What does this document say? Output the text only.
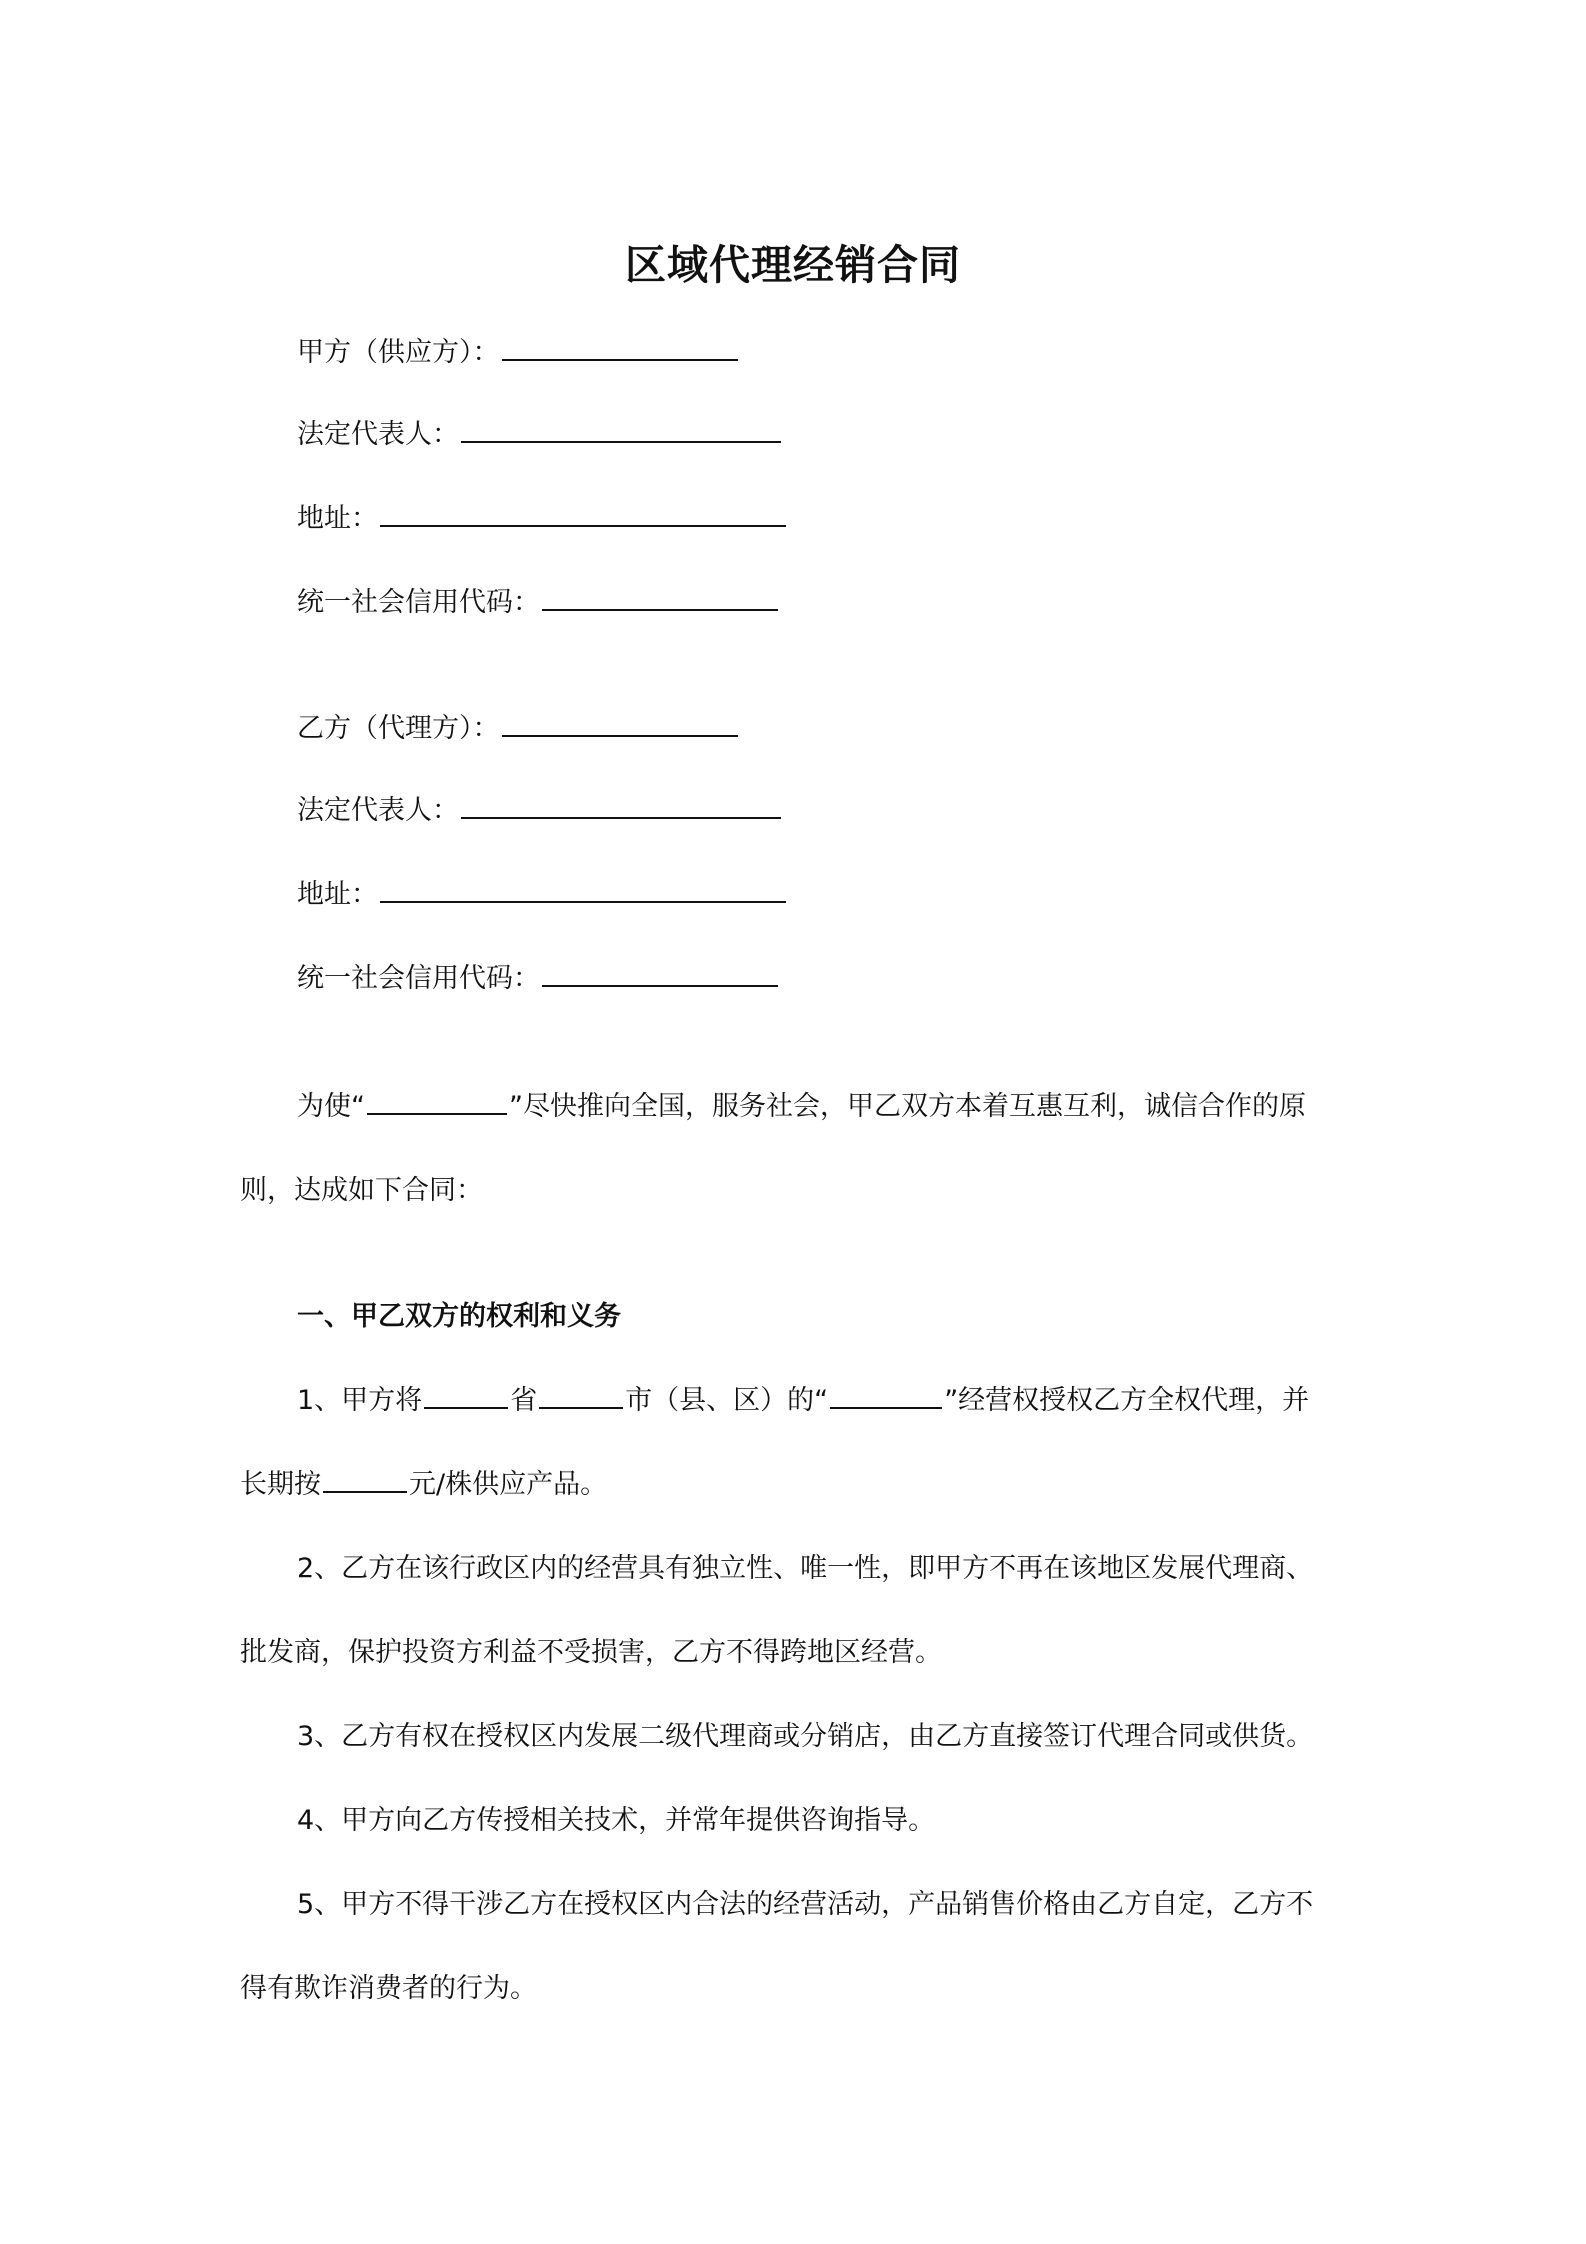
区域代理经销合同
甲方（供应方）：
法定代表人：
地址：
统一社会信用代码：
乙方（代理方）：
法定代表人：
地址：
统一社会信用代码：
为使“	”尽快推向全国，服务社会，甲乙双方本着互惠互利，诚信合作的原
则，达成如下合同：
一、甲乙双方的权利和义务
1、甲方将	省	市（县、区）的“	”经营权授权乙方全权代理，并
长期按	元/株供应产品。
2、乙方在该行政区内的经营具有独立性、唯一性，即甲方不再在该地区发展代理商、
批发商，保护投资方利益不受损害，乙方不得跨地区经营。
3、乙方有权在授权区内发展二级代理商或分销店，由乙方直接签订代理合同或供货。
4、甲方向乙方传授相关技术，并常年提供咨询指导。
5、甲方不得干涉乙方在授权区内合法的经营活动，产品销售价格由乙方自定，乙方不
得有欺诈消费者的行为。
